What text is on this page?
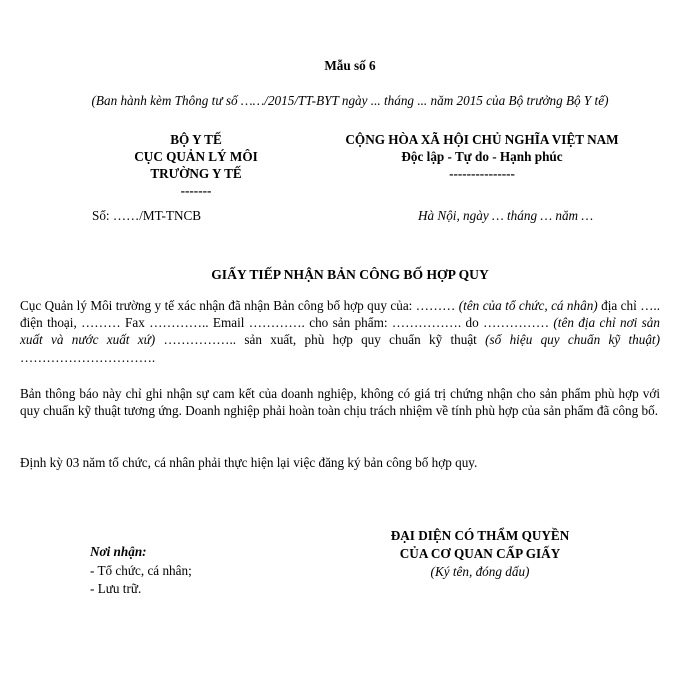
Mẫu số 6
(Ban hành kèm Thông tư số ……/2015/TT-BYT ngày ... tháng ... năm 2015 của Bộ trưởng Bộ Y tế)
BỘ Y TẾ
CỤC QUẢN LÝ MÔI
TRƯỜNG Y TẾ
-------
CỘNG HÒA XÃ HỘI CHỦ NGHĨA VIỆT NAM
Độc lập - Tự do - Hạnh phúc
---------------
Số: ……/MT-TNCB	Hà Nội, ngày … tháng … năm …
GIẤY TIẾP NHẬN BẢN CÔNG BỐ HỢP QUY
Cục Quản lý Môi trường y tế xác nhận đã nhận Bản công bố hợp quy của: ……… (tên của tổ chức, cá nhân) địa chỉ ….. điện thoại, ……… Fax ………….. Email …………. cho sản phẩm: ……………. do …………… (tên địa chỉ nơi sản xuất và nước xuất xứ) …………….. sản xuất, phù hợp quy chuẩn kỹ thuật (số hiệu quy chuẩn kỹ thuật) ………………………….
Bản thông báo này chỉ ghi nhận sự cam kết của doanh nghiệp, không có giá trị chứng nhận cho sản phẩm phù hợp với quy chuẩn kỹ thuật tương ứng. Doanh nghiệp phải hoàn toàn chịu trách nhiệm về tính phù hợp của sản phẩm đã công bố.
Định kỳ 03 năm tổ chức, cá nhân phải thực hiện lại việc đăng ký bản công bố hợp quy.
ĐẠI DIỆN CÓ THẨM QUYỀN
CỦA CƠ QUAN CẤP GIẤY
(Ký tên, đóng dấu)
Nơi nhận:
- Tổ chức, cá nhân;
- Lưu trữ.
